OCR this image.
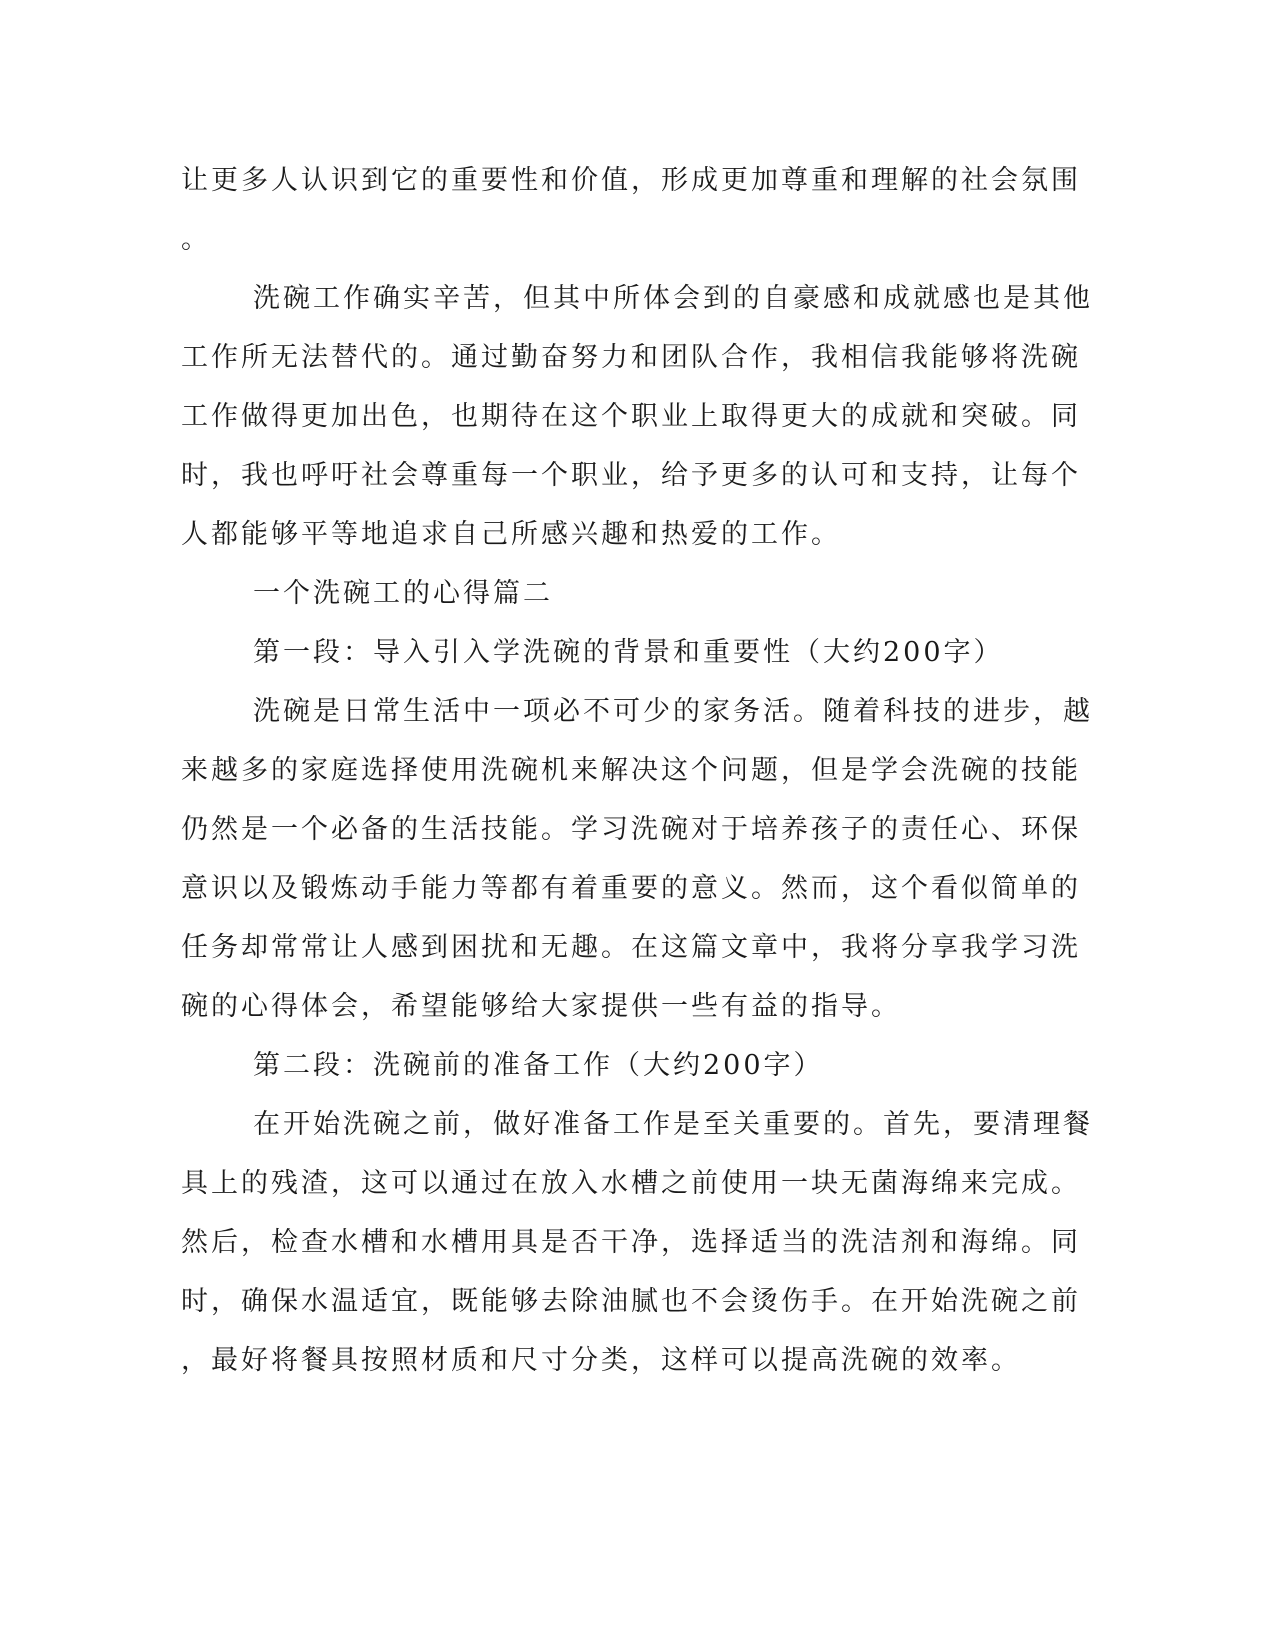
让更多人认识到它的重要性和价值，形成更加尊重和理解的社会氛围
。
洗碗工作确实辛苦，但其中所体会到的自豪感和成就感也是其他
工作所无法替代的。通过勤奋努力和团队合作，我相信我能够将洗碗
工作做得更加出色，也期待在这个职业上取得更大的成就和突破。同
时，我也呼吁社会尊重每一个职业，给予更多的认可和支持，让每个
人都能够平等地追求自己所感兴趣和热爱的工作。
一个洗碗工的心得篇二
第一段：导入引入学洗碗的背景和重要性（大约200字）
洗碗是日常生活中一项必不可少的家务活。随着科技的进步，越
来越多的家庭选择使用洗碗机来解决这个问题，但是学会洗碗的技能
仍然是一个必备的生活技能。学习洗碗对于培养孩子的责任心、环保
意识以及锻炼动手能力等都有着重要的意义。然而，这个看似简单的
任务却常常让人感到困扰和无趣。在这篇文章中，我将分享我学习洗
碗的心得体会，希望能够给大家提供一些有益的指导。
第二段：洗碗前的准备工作（大约200字）
在开始洗碗之前，做好准备工作是至关重要的。首先，要清理餐
具上的残渣，这可以通过在放入水槽之前使用一块无菌海绵来完成。
然后，检查水槽和水槽用具是否干净，选择适当的洗洁剂和海绵。同
时，确保水温适宜，既能够去除油腻也不会烫伤手。在开始洗碗之前
，最好将餐具按照材质和尺寸分类，这样可以提高洗碗的效率。
